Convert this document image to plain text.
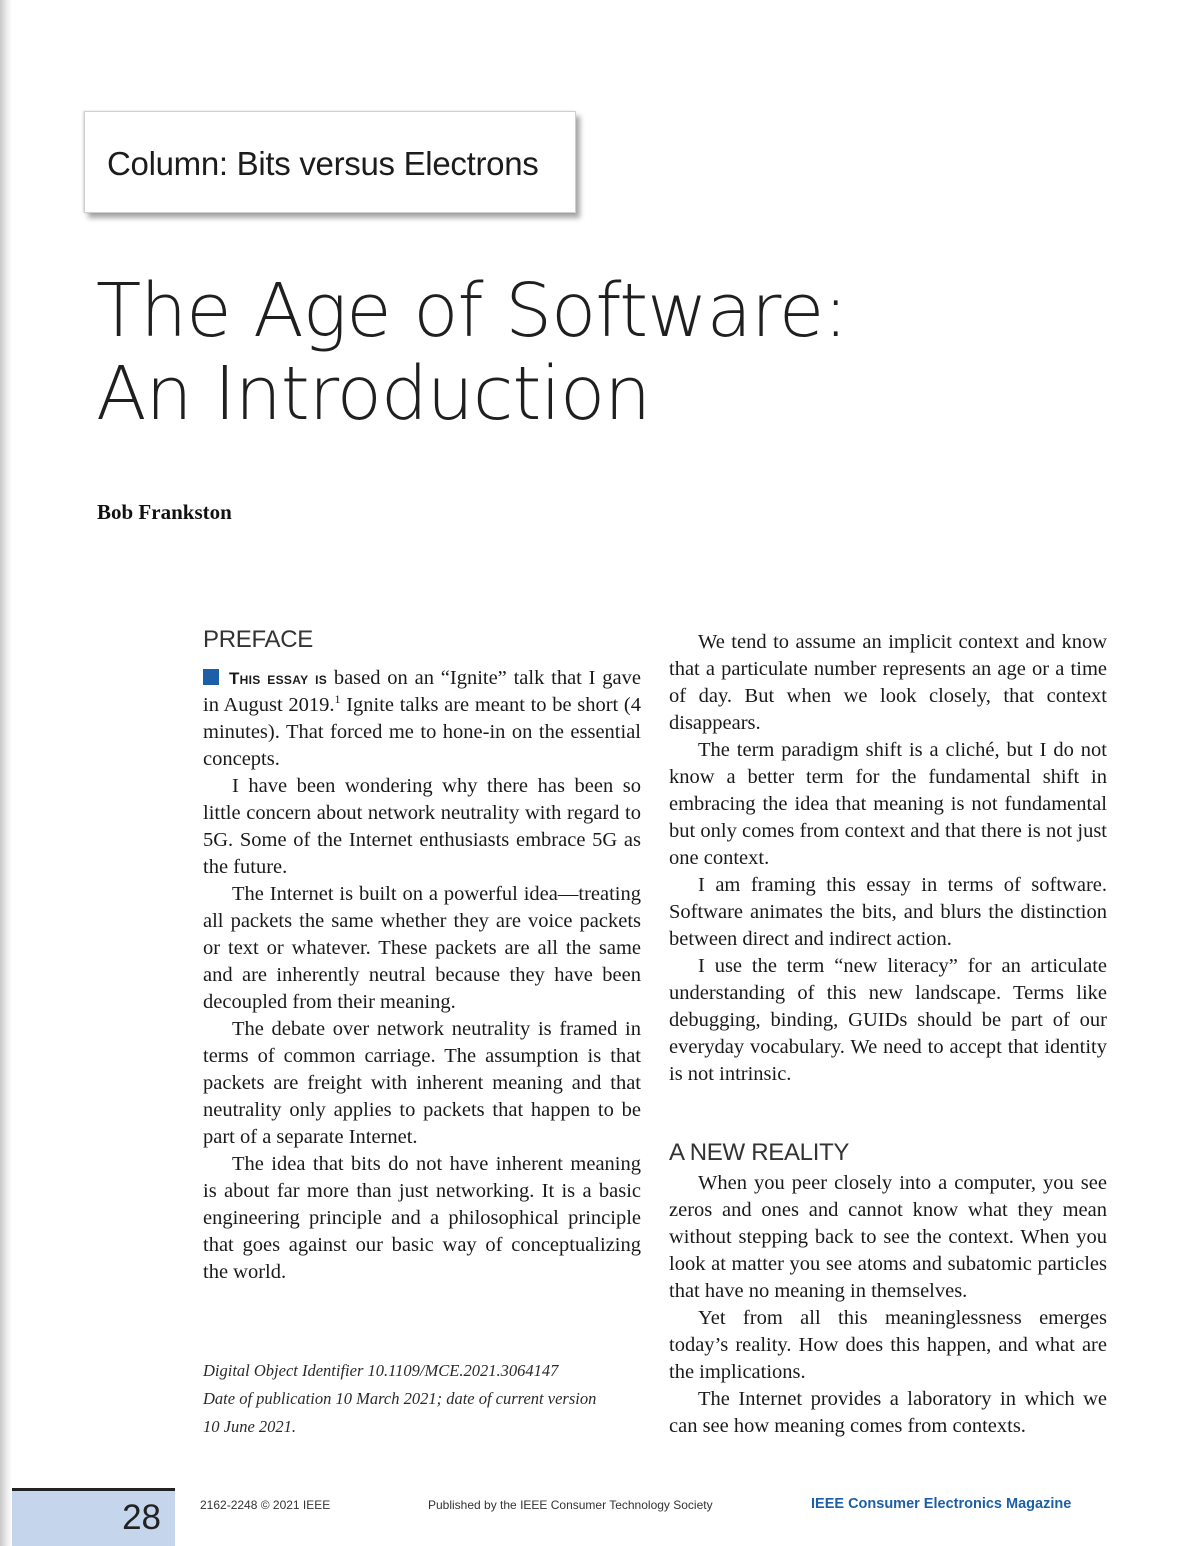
Column: Bits versus Electrons
The Age of Software:
An Introduction
Bob Frankston
PREFACE

This essay is based on an “Ignite” talk that I gave in August 2019.$^1$ Ignite talks are meant to be short (4 minutes). That forced me to hone-in on the essential concepts.

I have been wondering why there has been so little concern about network neutrality with regard to 5G. Some of the Internet enthusiasts embrace 5G as the future.

The Internet is built on a powerful idea—treating all packets the same whether they are voice packets or text or whatever. These packets are all the same and are inherently neutral because they have been decoupled from their meaning.

The debate over network neutrality is framed in terms of common carriage. The assumption is that packets are freight with inherent meaning and that neutrality only applies to packets that happen to be part of a separate Internet.

The idea that bits do not have inherent meaning is about far more than just networking. It is a basic engineering principle and a philosophical principle that goes against our basic way of conceptualizing the world.

Digital Object Identifier 10.1109/MCE.2021.3064147
Date of publication 10 March 2021; date of current version
10 June 2021.

We tend to assume an implicit context and know that a particulate number represents an age or a time of day. But when we look closely, that context disappears.

The term paradigm shift is a cliché, but I do not know a better term for the fundamental shift in embracing the idea that meaning is not fundamental but only comes from context and that there is not just one context.

I am framing this essay in terms of software. Software animates the bits, and blurs the distinction between direct and indirect action.

I use the term “new literacy” for an articulate understanding of this new landscape. Terms like debugging, binding, GUIDs should be part of our everyday vocabulary. We need to accept that identity is not intrinsic.

A NEW REALITY

When you peer closely into a computer, you see zeros and ones and cannot know what they mean without stepping back to see the context. When you look at matter you see atoms and subatomic particles that have no meaning in themselves.

Yet from all this meaninglessness emerges today’s reality. How does this happen, and what are the implications.

The Internet provides a laboratory in which we can see how meaning comes from contexts.

28	2162-2248 © 2021 IEEE	Published by the IEEE Consumer Technology Society	IEEE Consumer Electronics Magazine
